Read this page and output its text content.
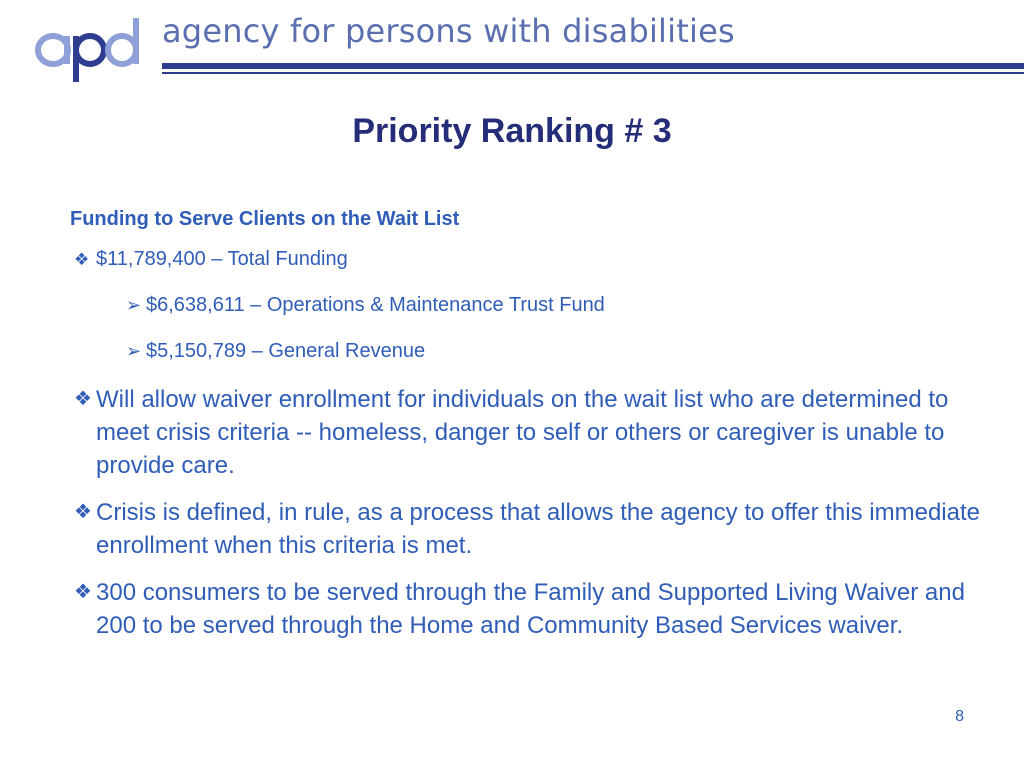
agency for persons with disabilities
Priority Ranking # 3
Funding to Serve Clients on the Wait List
❖ $11,789,400 – Total Funding
➢ $6,638,611 – Operations & Maintenance Trust Fund
➢ $5,150,789 – General Revenue
❖ Will allow waiver enrollment for individuals on the wait list who are determined to meet crisis criteria -- homeless, danger to self or others or caregiver is unable to provide care.
❖ Crisis is defined, in rule, as a process that allows the agency to offer this immediate enrollment when this criteria is met.
❖ 300 consumers to be served through the Family and Supported Living Waiver and 200 to be served through the Home and Community Based Services waiver.
8
